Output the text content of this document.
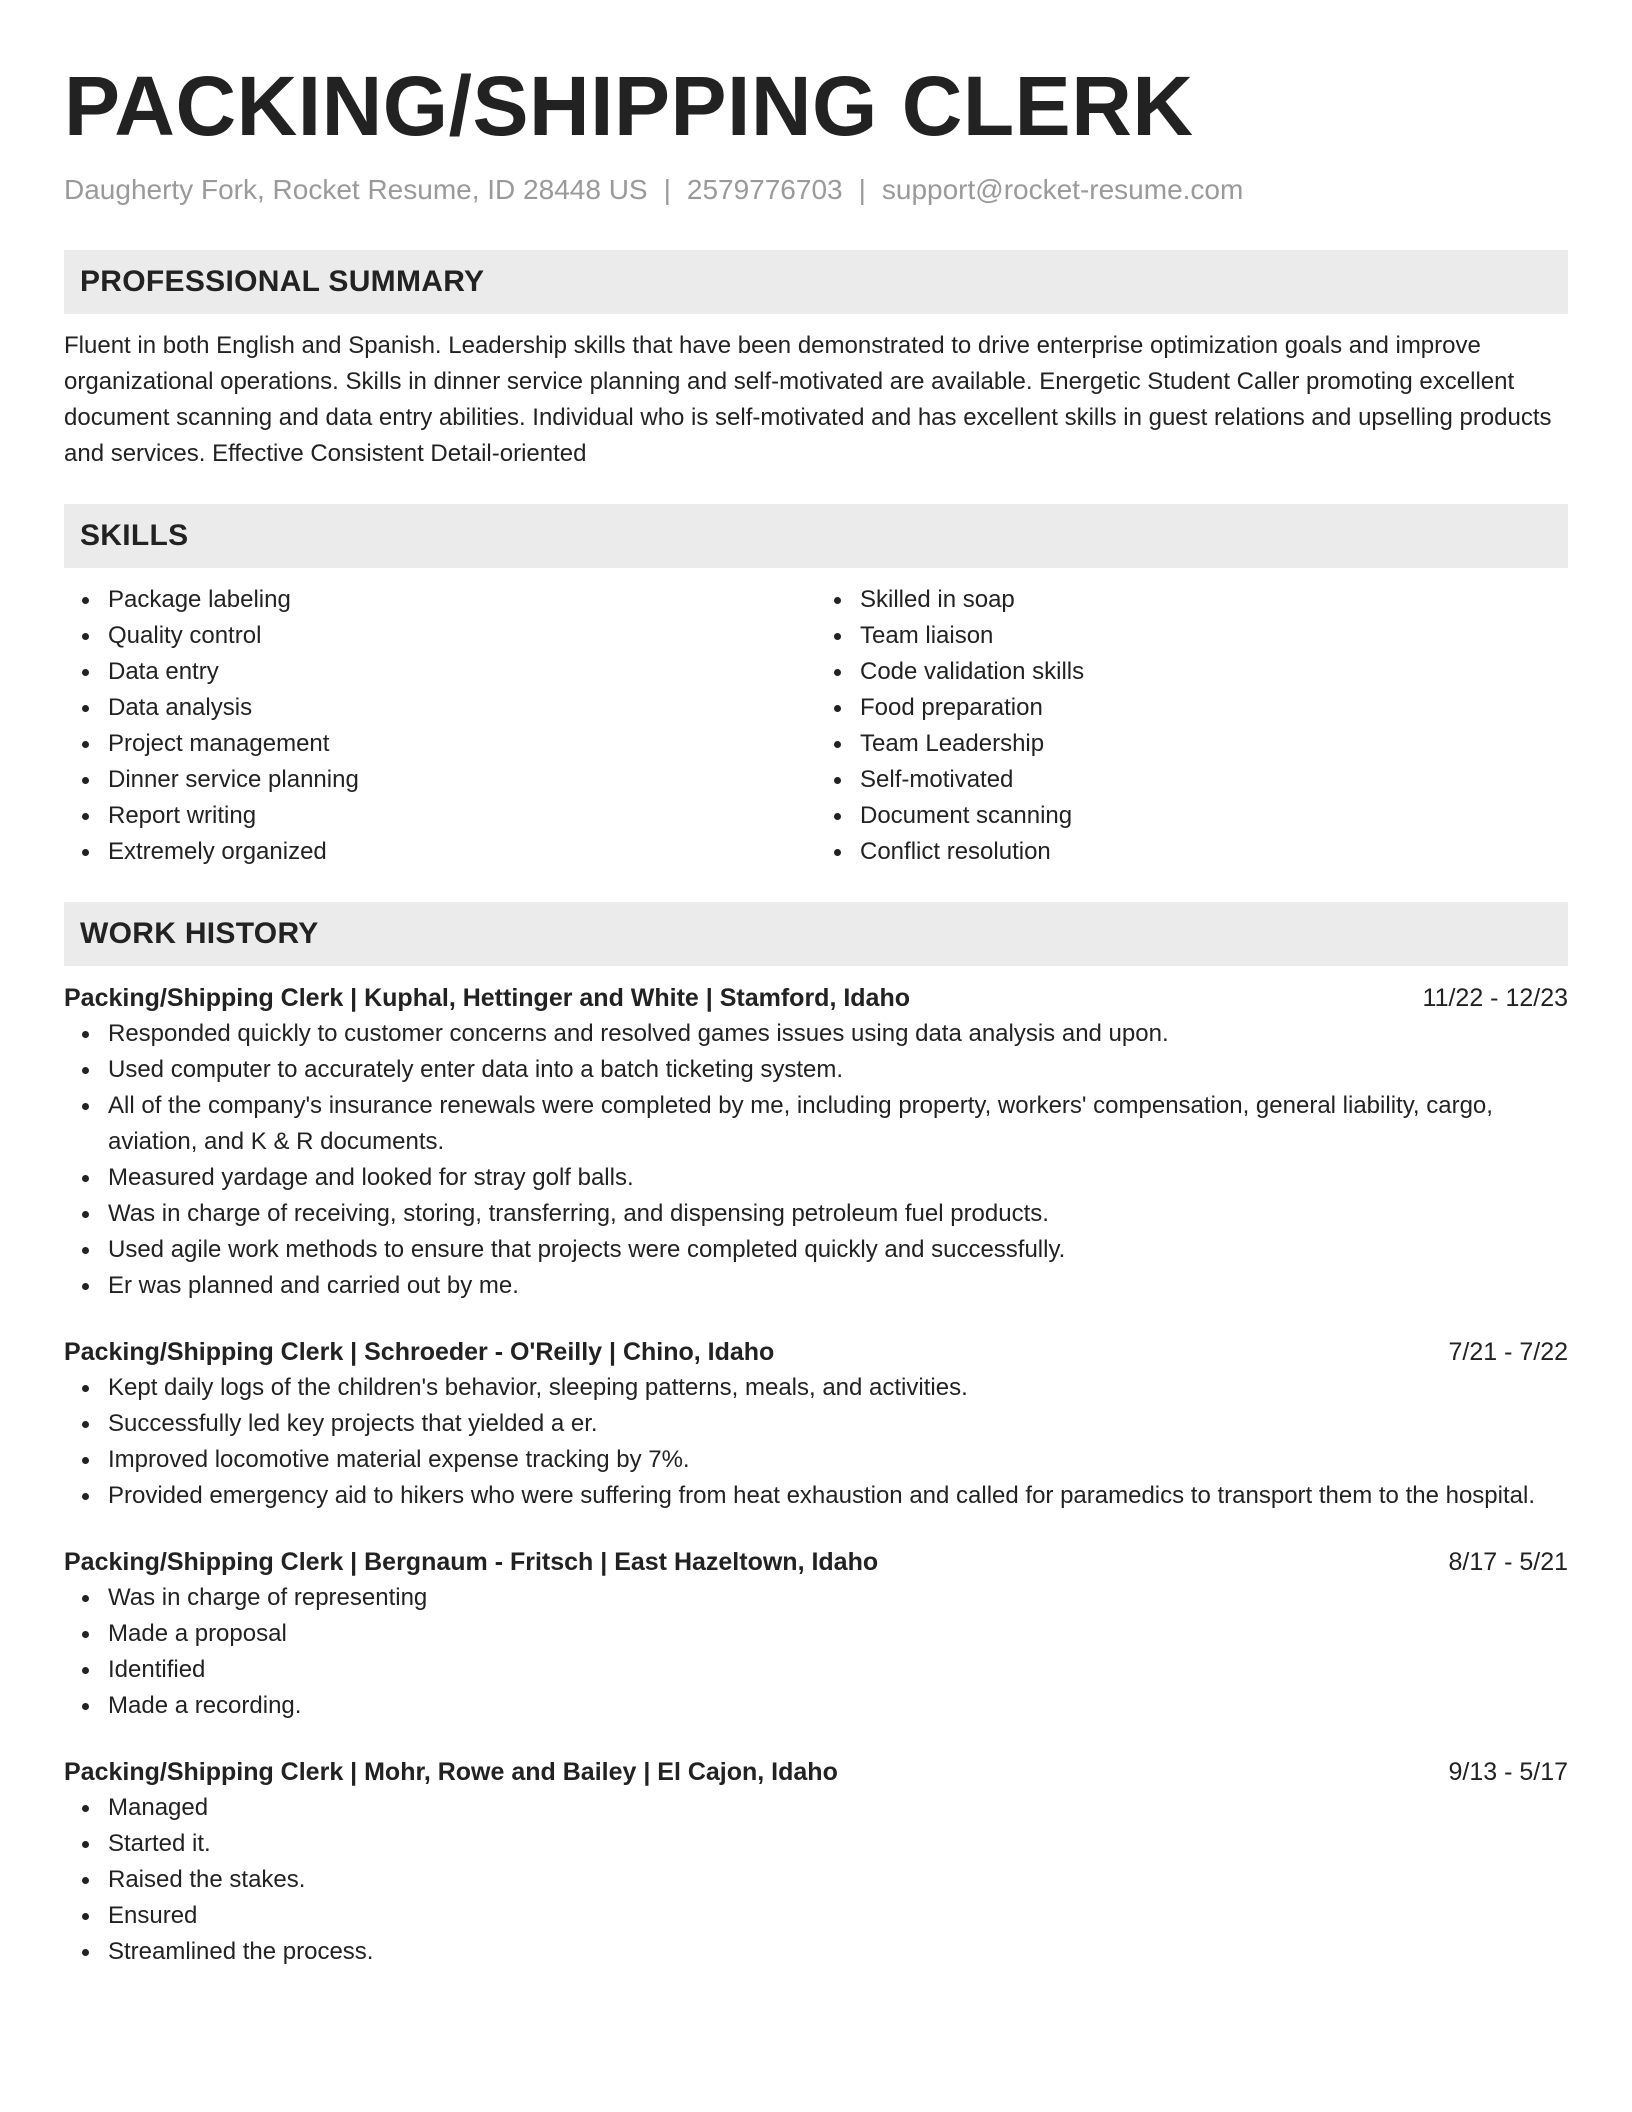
PACKING/SHIPPING CLERK
Daugherty Fork, Rocket Resume, ID 28448 US | 2579776703 | support@rocket-resume.com
PROFESSIONAL SUMMARY

Fluent in both English and Spanish. Leadership skills that have been demonstrated to drive enterprise optimization goals and improve organizational operations. Skills in dinner service planning and self-motivated are available. Energetic Student Caller promoting excellent document scanning and data entry abilities. Individual who is self-motivated and has excellent skills in guest relations and upselling products and services. Effective Consistent Detail-oriented

SKILLS
Package labeling
Quality control
Data entry
Data analysis
Project management
Dinner service planning
Report writing
Extremely organized
Skilled in soap
Team liaison
Code validation skills
Food preparation
Team Leadership
Self-motivated
Document scanning
Conflict resolution
WORK HISTORY
Packing/Shipping Clerk | Kuphal, Hettinger and White | Stamford, Idaho	11/22 - 12/23
Responded quickly to customer concerns and resolved games issues using data analysis and upon.
Used computer to accurately enter data into a batch ticketing system.
All of the company's insurance renewals were completed by me, including property, workers' compensation, general liability, cargo, aviation, and K & R documents.
Measured yardage and looked for stray golf balls.
Was in charge of receiving, storing, transferring, and dispensing petroleum fuel products.
Used agile work methods to ensure that projects were completed quickly and successfully.
Er was planned and carried out by me.
Packing/Shipping Clerk | Schroeder - O'Reilly | Chino, Idaho	7/21 - 7/22
Kept daily logs of the children's behavior, sleeping patterns, meals, and activities.
Successfully led key projects that yielded a er.
Improved locomotive material expense tracking by 7%.
Provided emergency aid to hikers who were suffering from heat exhaustion and called for paramedics to transport them to the hospital.
Packing/Shipping Clerk | Bergnaum - Fritsch | East Hazeltown, Idaho	8/17 - 5/21
Was in charge of representing
Made a proposal
Identified
Made a recording.
Packing/Shipping Clerk | Mohr, Rowe and Bailey | El Cajon, Idaho	9/13 - 5/17
Managed
Started it.
Raised the stakes.
Ensured
Streamlined the process.
